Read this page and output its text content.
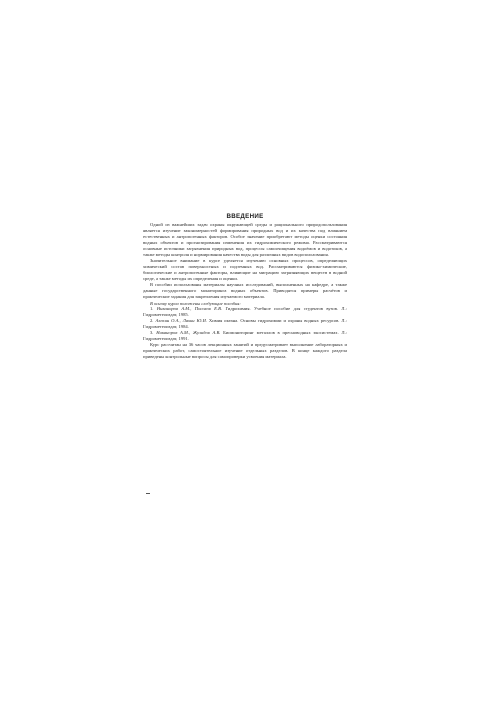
ВВЕДЕНИЕ

Одной из важнейших задач охраны окружающей среды и рационального природопользования является изучение закономерностей формирования природных вод и их качества под влиянием естественных и антропогенных факторов. Особое значение приобретают методы оценки состояния водных объектов и прогнозирования изменения их гидрохимического режима. Рассматриваются основные источники загрязнения природных вод, процессы самоочищения водоёмов и водотоков, а также методы контроля и нормирования качества воды для различных видов водопользования.

Значительное внимание в курсе уделяется изучению основных процессов, определяющих химический состав поверхностных и подземных вод. Рассматриваются физико-химические, биологические и антропогенные факторы, влияющие на миграцию загрязняющих веществ в водной среде, а также методы их определения и оценки.

В пособии использованы материалы научных исследований, выполненных на кафедре, а также данные государственного мониторинга водных объектов. Приводятся примеры расчётов и практические задания для закрепления изучаемого материала.

В основу курса положены следующие пособия:

1. Никаноров А.М., Посохов Е.В. Гидрохимия. Учебное пособие для студентов вузов. Л.: Гидрометеоиздат, 1985.

2. Алекин О.А., Ляхин Ю.И. Химия океана. Основы гидрохимии и охраны водных ресурсов. Л.: Гидрометеоиздат, 1984.

3. Никаноров А.М., Жулидов А.В. Биомониторинг металлов в пресноводных экосистемах. Л.: Гидрометеоиздат, 1991.

Курс рассчитан на 36 часов лекционных занятий и предусматривает выполнение лабораторных и практических работ, самостоятельное изучение отдельных разделов. В конце каждого раздела приведены контрольные вопросы для самопроверки усвоения материала.
